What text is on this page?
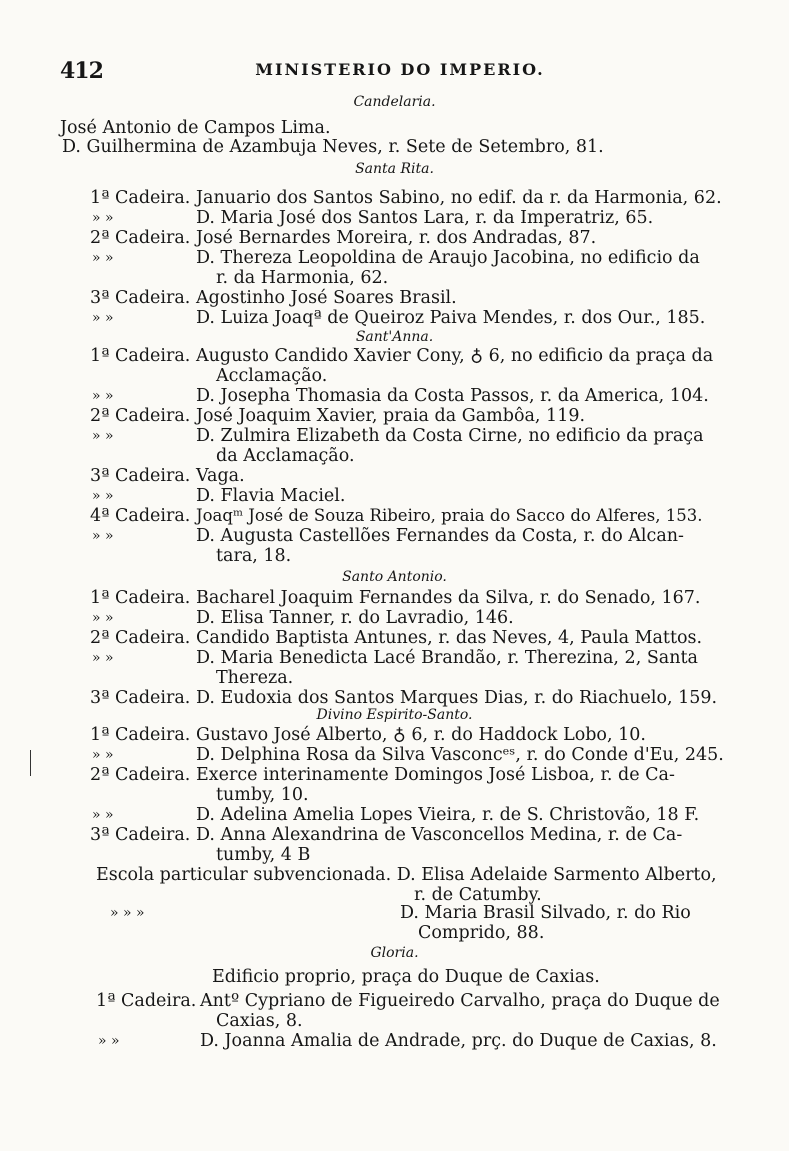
412	MINISTERIO DO IMPERIO.
Candelaria.
José Antonio de Campos Lima.
D. Guilhermina de Azambuja Neves, r. Sete de Setembro, 81.
Santa Rita.
1ª Cadeira. Januario dos Santos Sabino, no edif. da r. da Harmonia, 62.
» »	D. Maria José dos Santos Lara, r. da Imperatriz, 65.
2ª Cadeira. José Bernardes Moreira, r. dos Andradas, 87.
» »	D. Thereza Leopoldina de Araujo Jacobina, no edificio da
r. da Harmonia, 62.
3ª Cadeira. Agostinho José Soares Brasil.
» »	D. Luiza Joaqª de Queiroz Paiva Mendes, r. dos Our., 185.
Sant'Anna.
1ª Cadeira. Augusto Candido Xavier Cony, ♁ 6, no edificio da praça da
Acclamação.
» »	D. Josepha Thomasia da Costa Passos, r. da America, 104.
2ª Cadeira. José Joaquim Xavier, praia da Gambôa, 119.
» »	D. Zulmira Elizabeth da Costa Cirne, no edificio da praça
da Acclamação.
3ª Cadeira. Vaga.
» »	D. Flavia Maciel.
4ª Cadeira. Joaqᵐ José de Souza Ribeiro, praia do Sacco do Alferes, 153.
» »	D. Augusta Castellões Fernandes da Costa, r. do Alcan-
tara, 18.
Santo Antonio.
1ª Cadeira. Bacharel Joaquim Fernandes da Silva, r. do Senado, 167.
» »	D. Elisa Tanner, r. do Lavradio, 146.
2ª Cadeira. Candido Baptista Antunes, r. das Neves, 4, Paula Mattos.
» »	D. Maria Benedicta Lacé Brandão, r. Therezina, 2, Santa
Thereza.
3ª Cadeira. D. Eudoxia dos Santos Marques Dias, r. do Riachuelo, 159.
Divino Espirito-Santo.
1ª Cadeira. Gustavo José Alberto, ♁ 6, r. do Haddock Lobo, 10.
» »	D. Delphina Rosa da Silva Vasconcᵉˢ, r. do Conde d'Eu, 245.
2ª Cadeira. Exerce interinamente Domingos José Lisboa, r. de Ca-
tumby, 10.
» »	D. Adelina Amelia Lopes Vieira, r. de S. Christovão, 18 F.
3ª Cadeira. D. Anna Alexandrina de Vasconcellos Medina, r. de Ca-
tumby, 4 B
Escola particular subvencionada. D. Elisa Adelaide Sarmento Alberto,
r. de Catumby.
» » »	D. Maria Brasil Silvado, r. do Rio
Comprido, 88.
Gloria.
Edificio proprio, praça do Duque de Caxias.
1ª Cadeira. Antº Cypriano de Figueiredo Carvalho, praça do Duque de
Caxias, 8.
» »	D. Joanna Amalia de Andrade, prç. do Duque de Caxias, 8.
